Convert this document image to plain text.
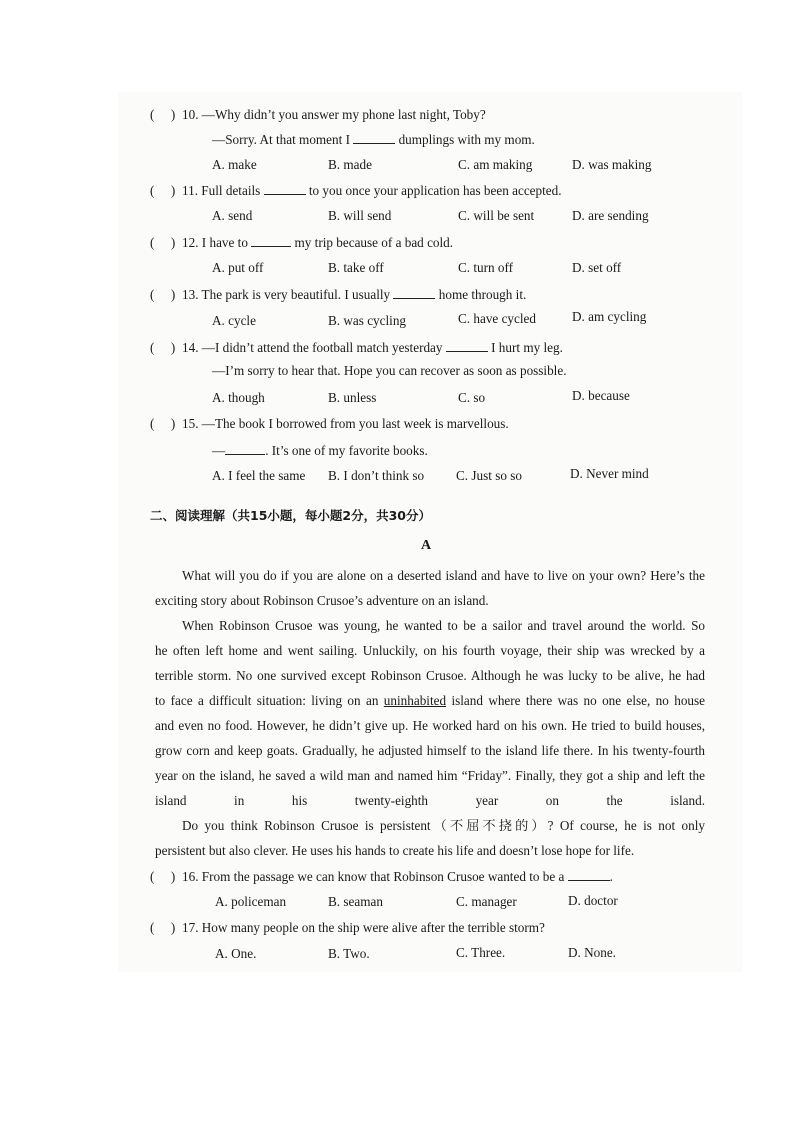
( ) 10. —Why didn’t you answer my phone last night, Toby?
—Sorry. At that moment I	dumplings with my mom.
A. make	B. made	C. am making	D. was making
( ) 11. Full details	to you once your application has been accepted.
A. send	B. will send	C. will be sent	D. are sending
( ) 12. I have to	my trip because of a bad cold.
A. put off	B. take off	C. turn off	D. set off
( ) 13. The park is very beautiful. I usually	home through it.
A. cycle	B. was cycling	C. have cycled	D. am cycling
( ) 14. —I didn’t attend the football match yesterday	I hurt my leg.
—I’m sorry to hear that. Hope you can recover as soon as possible.
A. though	B. unless	C. so	D. because
( ) 15. —The book I borrowed from you last week is marvellous.
—	. It’s one of my favorite books.
A. I feel the same B. I don’t think so C. Just so so	D. Never mind
二、阅读理解（共15小题，每小题2分，共30分）
A
What will you do if you are alone on a deserted island and have to live on your own? Here’s the
exciting story about Robinson Crusoe’s adventure on an island.
When Robinson Crusoe was young, he wanted to be a sailor and travel around the world. So
he often left home and went sailing. Unluckily, on his fourth voyage, their ship was wrecked by a
terrible storm. No one survived except Robinson Crusoe. Although he was lucky to be alive, he had
to face a difficult situation: living on an uninhabited island where there was no one else, no house
and even no food. However, he didn’t give up. He worked hard on his own. He tried to build houses,
grow corn and keep goats. Gradually, he adjusted himself to the island life there. In his twenty-fourth
year on the island, he saved a wild man and named him “Friday”. Finally, they got a ship and left the
island in his twenty-eighth year on the island.
Do you think Robinson Crusoe is persistent（不屈不挠的）? Of course, he is not only
persistent but also clever. He uses his hands to create his life and doesn’t lose hope for life.
( ) 16. From the passage we can know that Robinson Crusoe wanted to be a	.
A. policeman	B. seaman	C. manager	D. doctor
( ) 17. How many people on the ship were alive after the terrible storm?
A. One.	B. Two.	C. Three.	D. None.
